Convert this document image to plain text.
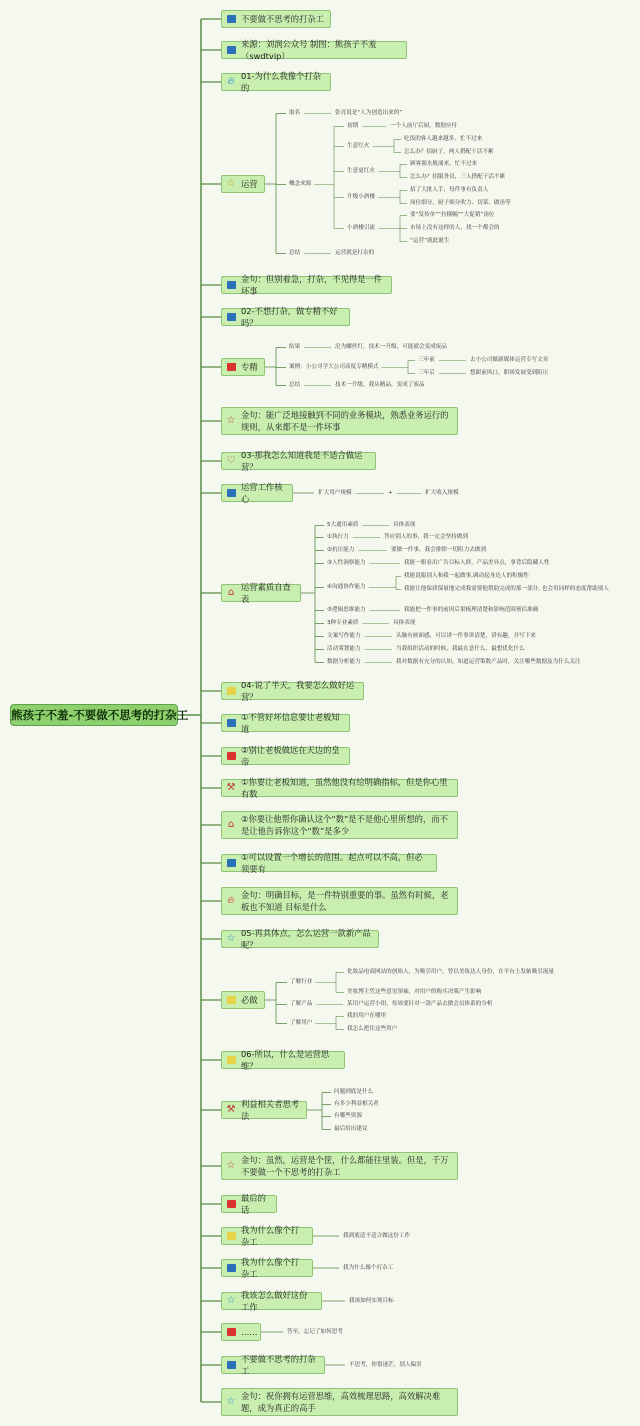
熊孩子不羞-不要做不思考的打杂工
不要做不思考的打杂工
来源：刘润公众号 制图：熊孩子不羞（swdtvip）
🔥︎ 01-为什么我像个打杂的
☆ 运营
金句：但别着急，打杂，不见得是一件坏事
02-不想打杂，做专精不好吗？
专精
☆ 金句：能广泛地接触到不同的业务模块，熟悉业务运行的规则，从来都不是一件坏事
♡ 03-那我怎么知道我是不适合做运营？
运营工作核心
⌂ 运营素质自查表
04-说了半天，我要怎么做好运营？
①不管好坏信息要让老板知道
②别让老板做远在天边的皇帝
⚒ ①你要让老板知道，虽然他没有给明确指标，但是你心里有数
⌂ ②你要让他帮你确认这个“数”是不是他心里所想的，而不是让他告诉你这个“数”是多少
①可以设置一个增长的范围。起点可以不高，但必须要有
🔥︎ 金句：明确目标，是一件特别重要的事。虽然有时候，老板也不知道 目标是什么
☆ 05-再具体点，怎么运营一款新产品呢？
必做
06-所以，什么是运营思维？
⚒ 利益相关者思考法
☆ 金句：虽然，运营是个筐，什么都能往里装。但是，千万不要做一个不思考的打杂工
最后的话
我为什么像个打杂工
我为什么像个打杂工
☆ 我该怎么做好这份工作
……
不要做不思考的打杂工
☆ 金句：祝你拥有运营思维，高效梳理思路，高效解决难题，成为真正的高手
取名	张亮说是“人为创造出来的”
概念来源
初期	一个人前厅后厨，数据应付
生意红火
吃饭的客人越来越多，忙不过来
怎么办？招厨子，两人搭配干活不累
生意更红火
顾客源水般涌来，忙不过来
怎么办？招服务员，三人搭配干活不累
升级小酒楼
招了大批人手，每件事有负责人
岗位细分，厨子细分吹力、切菜、做汤等
小酒楼引流
要“发传单”“拉横幅”“大促销”岗位
市场上没有这样的人，找一个都会的
“运营”就此诞生
总结	运营就是打杂的
结果	沦为螺丝钉，技术一升级，可能就会变成废品
案例：小公司学大公司高度专精模式
三年前	去小公司做新媒体运营专写文章
三年后	想跟前风口，职场发展受到阻压
总结	技术一升级，我从精品，变成了废品
扩大用户规模	+	扩大收入规模
5大通用素质	具体表现
①执行力	答应别人的事，我一定会坚持做到
②抗压能力	要做一件事，我会排除一切阻力去做到
③人性洞察能力	我能一眼看出广告目标人群，产品差异点，事背后隐藏人性
④沟通协作能力
我能说服别人和我一起做事,调动起身边人的积极性
我能让他保质保量地完成我需要他帮助完成的那一部分, 也会用同样的态度帮助别人
⑤逻辑思维能力	我能把一件事的前因后果梳理清楚和影响范围预估准确
3种专业素质	具体表现
文案写作能力	头脑有画面感，可以讲一件事讲清楚，讲有趣，并写下来
活动策划能力	当我组织活动的时候，我最在意什么，最想优化什么
数据分析能力	我对数据有充分的认知，知道运营策数产品时，关注哪些数据及为什么关注
了解行业
化妆品电商网站的创始人，为吸引用户，曾以美妆达人身份，在平台上发帖吸引流量
美妆博主凭这些意见领袖，对用户的购买决策产生影响
了解产品	某用户运营小组，每周要针对一款产品去做会员体系的分析
了解用户
我的用户在哪里
我怎么把住这些用户
问题到底是什么
有多少利益相关者
有哪些资源
最后给出建议
我到底适不适合做这份工作
我为什么像个打杂工
我该如何实现目标
答至。忘记了如何思考
不思考，你很迷茫，别人偏害
